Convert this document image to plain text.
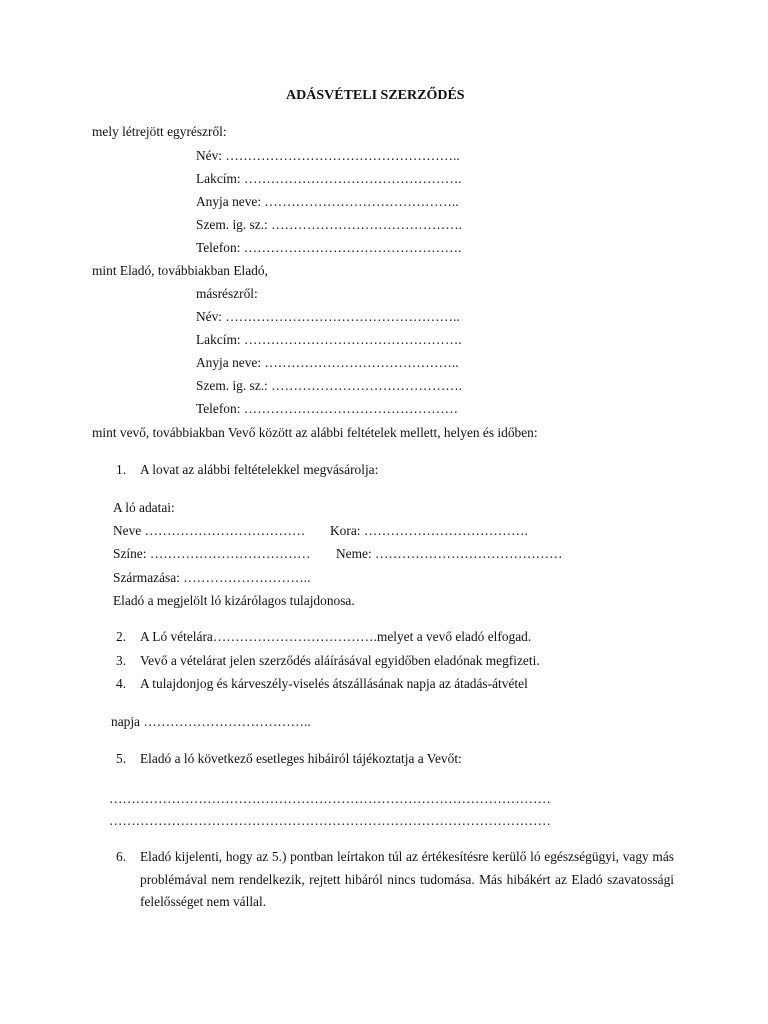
ADÁSVÉTELI SZERZŐDÉS
mely létrejött egyrészről:
Név: ……………………………………………..
Lakcím: ………………………………………….
Anyja neve: ……………………………………..
Szem. ig. sz.: …………………………………….
Telefon: ………………………………………….
mint Eladó, továbbiakban Eladó,
másrészről:
Név: ……………………………………………..
Lakcím: ………………………………………….
Anyja neve: ……………………………………..
Szem. ig. sz.: …………………………………….
Telefon: …………………………………………
mint vevő, továbbiakban Vevő között az alábbi feltételek mellett, helyen és időben:
1. A lovat az alábbi feltételekkel megvásárolja:
A ló adatai:
Neve ……………………………… Kora: ……………………………….
Színe: ……………………………… Neme: ……………………………………
Származása: ………………………..
Eladó a megjelölt ló kizárólagos tulajdonosa.
2. A Ló vételára……………………………….melyet a vevő eladó elfogad.
3. Vevő a vételárat jelen szerződés aláírásával egyidőben eladónak megfizeti.
4. A tulajdonjog és kárveszély-viselés átszállásának napja az átadás-átvétel
napja ………………………………..
5. Eladó a ló következő esetleges hibáiról tájékoztatja a Vevőt:
………………………………………………………………………………………
………………………………………………………………………………………
6. Eladó kijelenti, hogy az 5.) pontban leírtakon túl az értékesítésre kerülő ló egészségügyi, vagy más problémával nem rendelkezik, rejtett hibáról nincs tudomása. Más hibákért az Eladó szavatossági felelősséget nem vállal.
